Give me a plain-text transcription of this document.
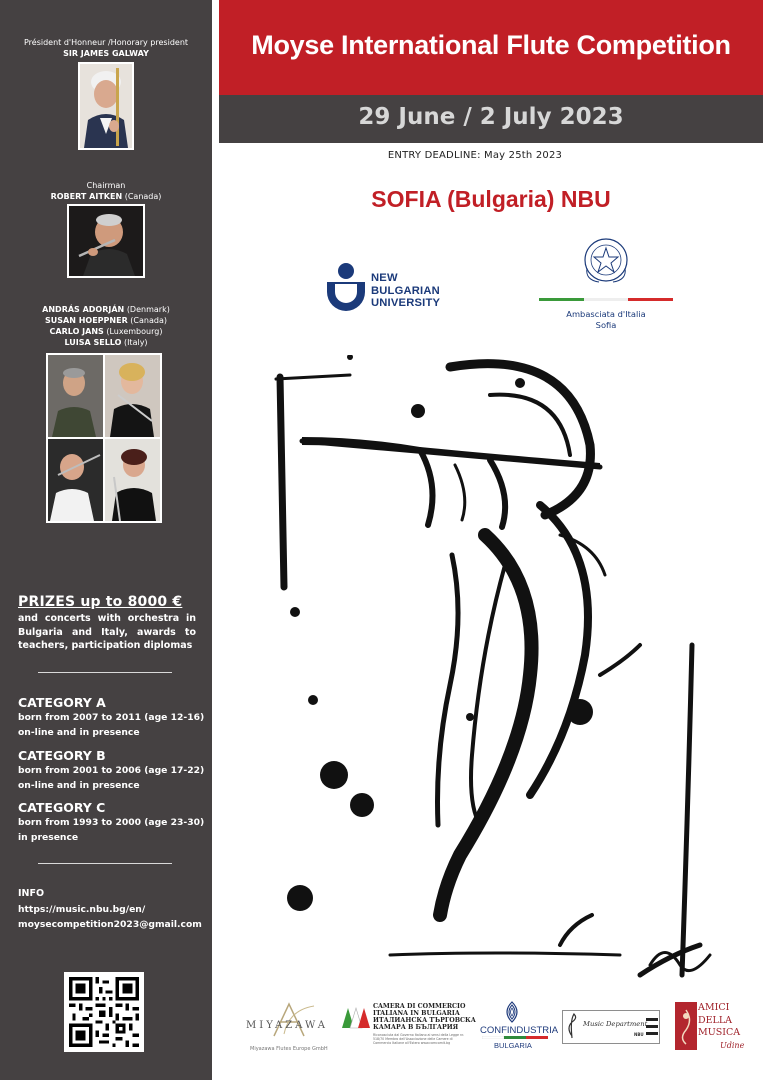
Président d'Honneur /Honorary president
SIR JAMES GALWAY
Chairman
ROBERT AITKEN (Canada)
ANDRÁS ADORJÁN (Denmark)
SUSAN HOEPPNER (Canada)
CARLO JANS (Luxembourg)
LUISA SELLO (Italy)
PRIZES up to 8000 €
and concerts with orchestra in Bulgaria and Italy, awards to teachers, participation diplomas
CATEGORY A
born from 2007 to 2011 (age 12-16)
on-line and in presence
CATEGORY B
born from 2001 to 2006 (age 17-22)
on-line and in presence
CATEGORY C
born from 1993 to 2000 (age 23-30)
in presence
INFO
https://music.nbu.bg/en/
moysecompetition2023@gmail.com
Moyse International Flute Competition
29 June / 2 July 2023
ENTRY DEADLINE: May 25th 2023
SOFIA (Bulgaria) NBU
NEW
BULGARIAN
UNIVERSITY
Ambasciata d'Italia
Sofia
MIYAZAWA
Miyazawa Flutes Europe GmbH
CAMERA DI COMMERCIO
ITALIANA IN BULGARIA
ИТАЛИАНСКА ТЪРГОВСКА
КАМАРА В БЪЛГАРИЯ
Riconosciuta dal Governo Italiano ai sensi della Legge nr. 518/70 Membro dell'Associazione delle Camere di Commercio Italiane all'Estero www.camcomit.bg
CONFINDUSTRIA
BULGARIA
Music Department
NBU
AMICI
DELLA
MUSICA
Udine
